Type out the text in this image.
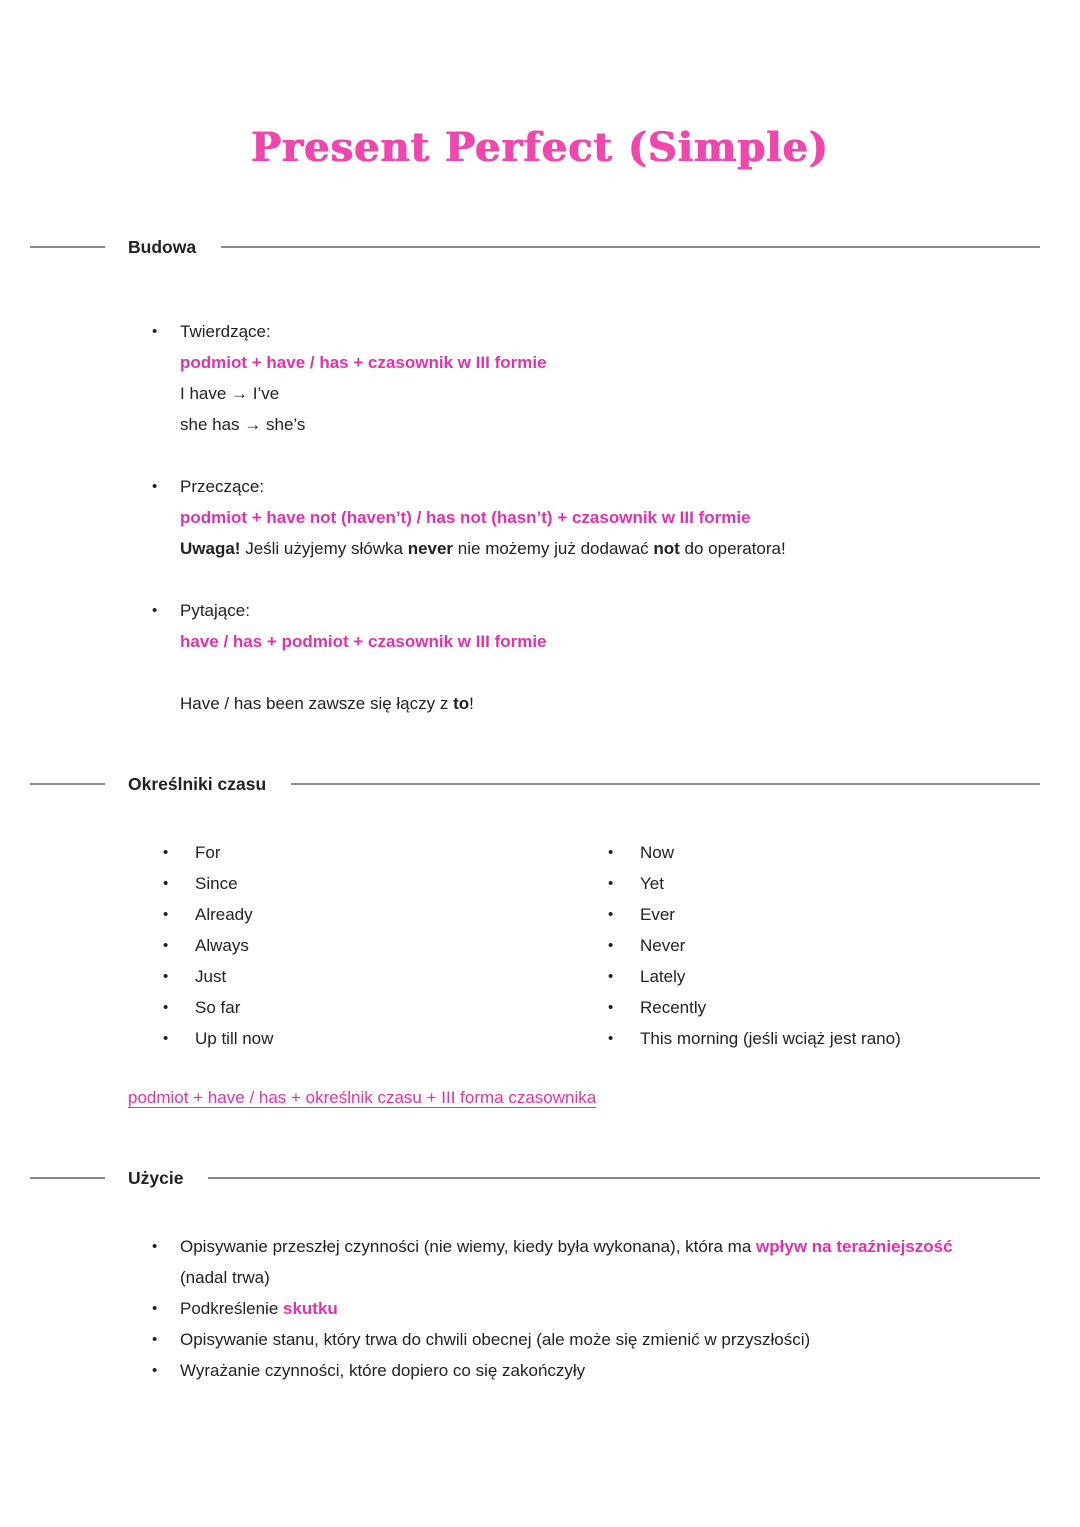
Present Perfect (Simple)
Budowa
•	Twierdzące:
podmiot + have / has + czasownik w III formie
I have → I’ve
she has → she’s
•	Przeczące:
podmiot + have not (haven’t) / has not (hasn’t) + czasownik w III formie
Uwaga! Jeśli użyjemy słówka never nie możemy już dodawać not do operatora!
•	Pytające:
have / has + podmiot + czasownik w III formie
Have / has been zawsze się łączy z to!
Określniki czasu
•	For
•	Since
•	Already
•	Always
•	Just
•	So far
•	Up till now
•	Now
•	Yet
•	Ever
•	Never
•	Lately
•	Recently
•	This morning (jeśli wciąż jest rano)
podmiot + have / has + określnik czasu + III forma czasownika
Użycie
•	Opisywanie przeszłej czynności (nie wiemy, kiedy była wykonana), która ma wpływ na teraźniejszość (nadal trwa)
•	Podkreślenie skutku
•	Opisywanie stanu, który trwa do chwili obecnej (ale może się zmienić w przyszłości)
•	Wyrażanie czynności, które dopiero co się zakończyły
